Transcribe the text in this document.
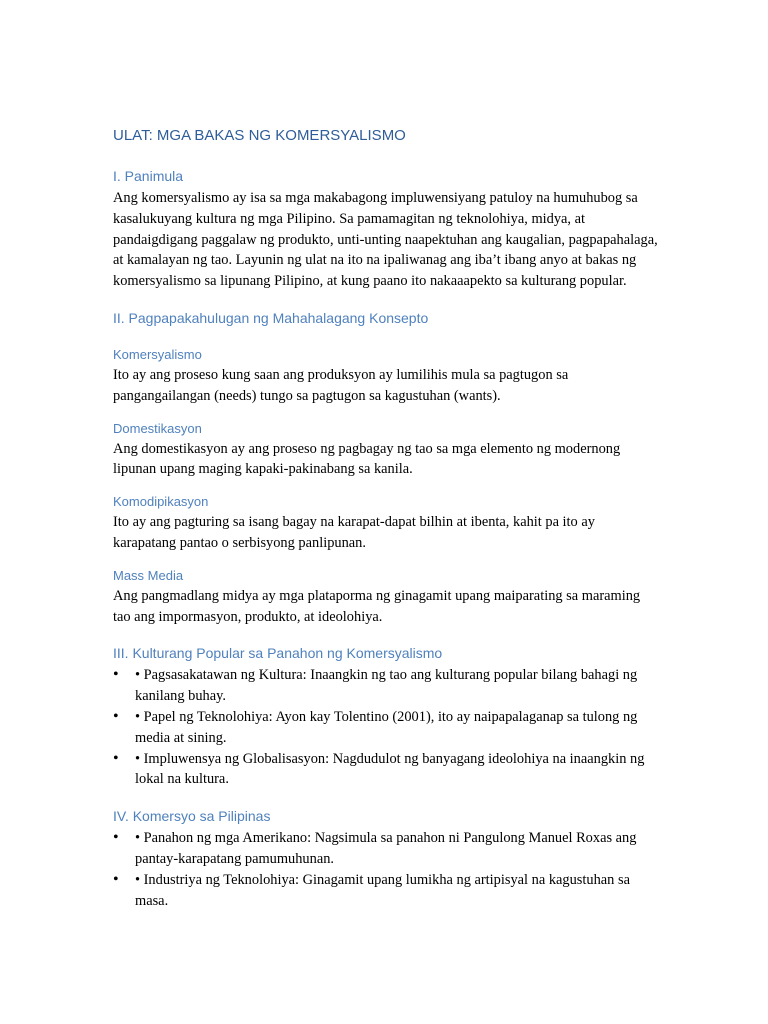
ULAT: MGA BAKAS NG KOMERSYALISMO
I. Panimula

Ang komersyalismo ay isa sa mga makabagong impluwensiyang patuloy na humuhubog sa kasalukuyang kultura ng mga Pilipino. Sa pamamagitan ng teknolohiya, midya, at pandaigdigang paggalaw ng produkto, unti-unting naapektuhan ang kaugalian, pagpapahalaga, at kamalayan ng tao. Layunin ng ulat na ito na ipaliwanag ang iba’t ibang anyo at bakas ng komersyalismo sa lipunang Pilipino, at kung paano ito nakaaapekto sa kulturang popular.

II. Pagpapakahulugan ng Mahahalagang Konsepto
Komersyalismo

Ito ay ang proseso kung saan ang produksyon ay lumilihis mula sa pagtugon sa pangangailangan (needs) tungo sa pagtugon sa kagustuhan (wants).

Domestikasyon

Ang domestikasyon ay ang proseso ng pagbagay ng tao sa mga elemento ng modernong lipunan upang maging kapaki-pakinabang sa kanila.

Komodipikasyon

Ito ay ang pagturing sa isang bagay na karapat-dapat bilhin at ibenta, kahit pa ito ay karapatang pantao o serbisyong panlipunan.

Mass Media

Ang pangmadlang midya ay mga plataporma ng ginagamit upang maiparating sa maraming tao ang impormasyon, produkto, at ideolohiya.

III. Kulturang Popular sa Panahon ng Komersyalismo
•	• Pagsasakatawan ng Kultura: Inaangkin ng tao ang kulturang popular bilang bahagi ng kanilang buhay.
•	• Papel ng Teknolohiya: Ayon kay Tolentino (2001), ito ay naipapalaganap sa tulong ng media at sining.
•	• Impluwensya ng Globalisasyon: Nagdudulot ng banyagang ideolohiya na inaangkin ng lokal na kultura.
IV. Komersyo sa Pilipinas
•	• Panahon ng mga Amerikano: Nagsimula sa panahon ni Pangulong Manuel Roxas ang pantay-karapatang pamumuhunan.
•	• Industriya ng Teknolohiya: Ginagamit upang lumikha ng artipisyal na kagustuhan sa masa.
